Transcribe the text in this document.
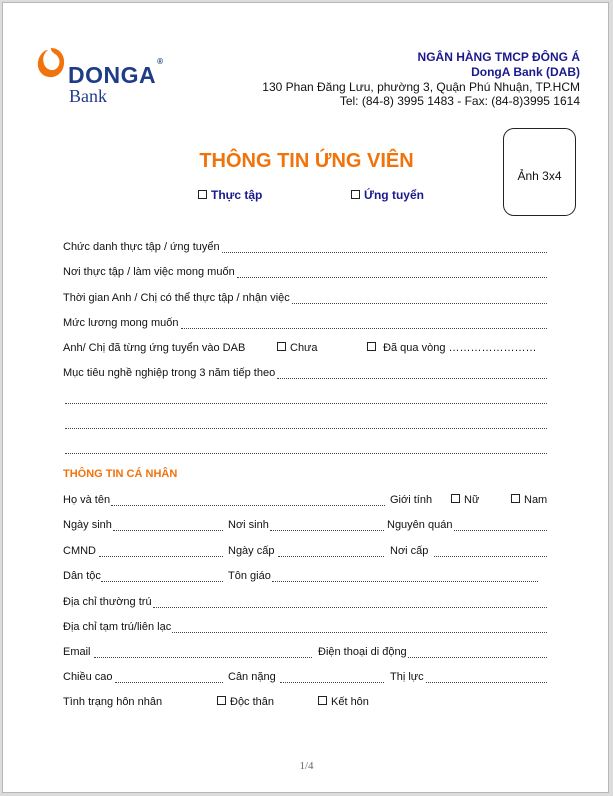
DONGA®
Bank
NGÂN HÀNG TMCP ĐÔNG Á
DongA Bank (DAB)
130 Phan Đăng Lưu, phường 3, Quận Phú Nhuận, TP.HCM
Tel: (84-8) 3995 1483 - Fax: (84-8)3995 1614
THÔNG TIN ỨNG VIÊN
Ảnh 3x4
Thực tập	Ứng tuyển
Chức danh thực tập / ứng tuyển
Nơi thực tập / làm việc mong muốn
Thời gian Anh / Chị có thể thực tập / nhận việc
Mức lương mong muốn
Anh/ Chị đã từng ứng tuyển vào DAB	Chưa	Đã qua vòng ……………………
Mục tiêu nghề nghiệp trong 3 năm tiếp theo
THÔNG TIN CÁ NHÂN
Họ và tên	Giới tính	Nữ	Nam
Ngày sinh	Nơi sinh	Nguyên quán
CMND	Ngày cấp	Nơi cấp
Dân tộc	Tôn giáo
Địa chỉ thường trú
Địa chỉ tạm trú/liên lạc
Email	Điện thoại di động
Chiều cao	Cân nặng	Thị lực
Tình trạng hôn nhân	Độc thân	Kết hôn
1/4
